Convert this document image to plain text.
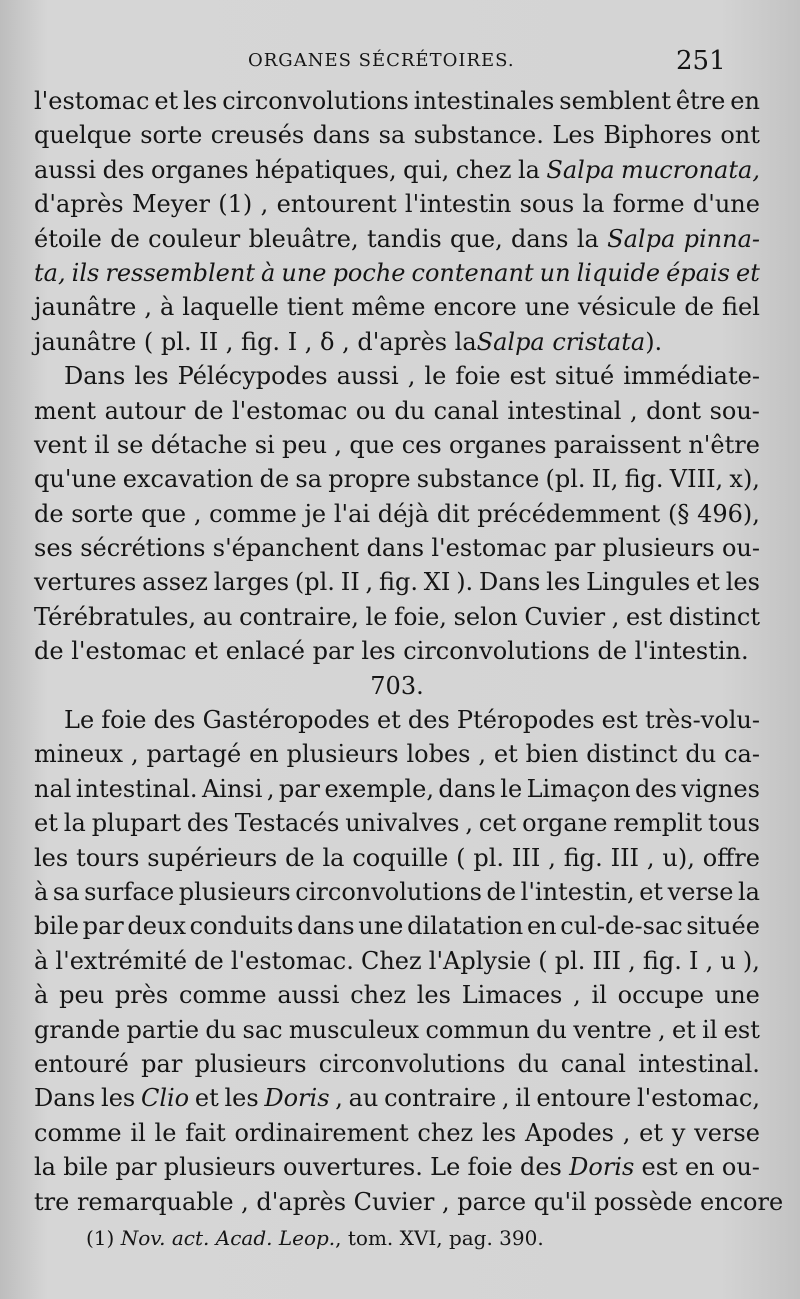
ORGANES SÉCRÉTOIRES.	251
l'estomac et les circonvolutions intestinales semblent être en
quelque sorte creusés dans sa substance. Les Biphores ont
aussi des organes hépatiques, qui, chez la Salpa mucronata,
d'après Meyer (1) , entourent l'intestin sous la forme d'une
étoile de couleur bleuâtre, tandis que, dans la Salpa pinna-
ta, ils ressemblent à une poche contenant un liquide épais et
jaunâtre , à laquelle tient même encore une vésicule de fiel
jaunâtre ( pl. II , fig. I , δ , d'après la Salpa cristata ).
Dans les Pélécypodes aussi , le foie est situé immédiate-
ment autour de l'estomac ou du canal intestinal , dont sou-
vent il se détache si peu , que ces organes paraissent n'être
qu'une excavation de sa propre substance (pl. II, fig. VIII, x),
de sorte que , comme je l'ai déjà dit précédemment (§ 496),
ses sécrétions s'épanchent dans l'estomac par plusieurs ou-
vertures assez larges (pl. II , fig. XI ). Dans les Lingules et les
Térébratules, au contraire, le foie, selon Cuvier , est distinct
de l'estomac et enlacé par les circonvolutions de l'intestin.
703.
Le foie des Gastéropodes et des Ptéropodes est très-volu-
mineux , partagé en plusieurs lobes , et bien distinct du ca-
nal intestinal. Ainsi , par exemple, dans le Limaçon des vignes
et la plupart des Testacés univalves , cet organe remplit tous
les tours supérieurs de la coquille ( pl. III , fig. III , u), offre
à sa surface plusieurs circonvolutions de l'intestin, et verse la
bile par deux conduits dans une dilatation en cul-de-sac située
à l'extrémité de l'estomac. Chez l'Aplysie ( pl. III , fig. I , u ),
à peu près comme aussi chez les Limaces , il occupe une
grande partie du sac musculeux commun du ventre , et il est
entouré par plusieurs circonvolutions du canal intestinal.
Dans les Clio et les Doris , au contraire , il entoure l'estomac,
comme il le fait ordinairement chez les Apodes , et y verse
la bile par plusieurs ouvertures. Le foie des Doris est en ou-
tre remarquable , d'après Cuvier , parce qu'il possède encore
(1) Nov. act. Acad. Leop., tom. XVI, pag. 390.
